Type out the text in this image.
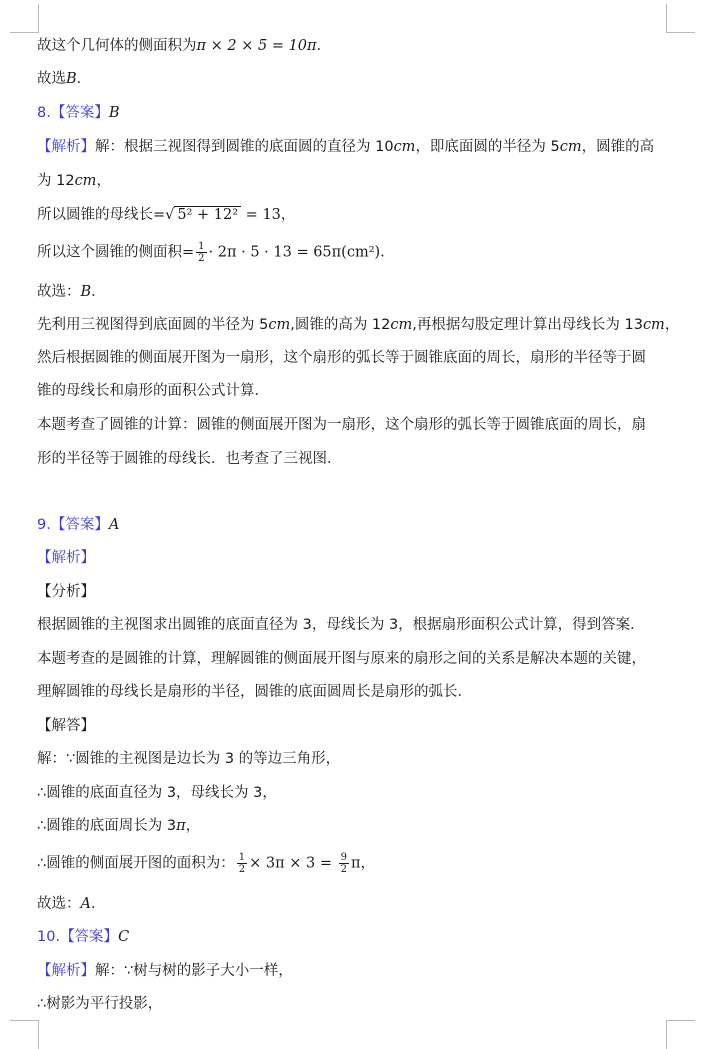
故这个几何体的侧面积为π × 2 × 5 = 10π．
故选B．
8.【答案】B
【解析】解：根据三视图得到圆锥的底面圆的直径为 10cm，即底面圆的半径为 5cm，圆锥的高
为 12cm，
所以圆锥的母线长=√ 5² + 12² = 13，
所以这个圆锥的侧面积= $\frac{1}{2} \cdot 2\pi \cdot 5 \cdot 13 = 65\pi(cm^2)$.
故选：B．
先利用三视图得到底面圆的半径为 5cm,圆锥的高为 12cm,再根据勾股定理计算出母线长为 13cm，
然后根据圆锥的侧面展开图为一扇形，这个扇形的弧长等于圆锥底面的周长，扇形的半径等于圆
锥的母线长和扇形的面积公式计算．
本题考查了圆锥的计算：圆锥的侧面展开图为一扇形，这个扇形的弧长等于圆锥底面的周长，扇
形的半径等于圆锥的母线长．也考查了三视图．
9.【答案】A
【解析】
【分析】
根据圆锥的主视图求出圆锥的底面直径为 3，母线长为 3，根据扇形面积公式计算，得到答案．
本题考查的是圆锥的计算，理解圆锥的侧面展开图与原来的扇形之间的关系是解决本题的关键，
理解圆锥的母线长是扇形的半径，圆锥的底面圆周长是扇形的弧长．
【解答】
解：∵圆锥的主视图是边长为 3 的等边三角形，
∴圆锥的底面直径为 3，母线长为 3，
∴圆锥的底面周长为 3π，
∴圆锥的侧面展开图的面积为： $\frac{1}{2} \times 3\pi \times 3 = \frac{9}{2}$ π，
故选：A．
10.【答案】C
【解析】解：∵树与树的影子大小一样，
∴树影为平行投影，
